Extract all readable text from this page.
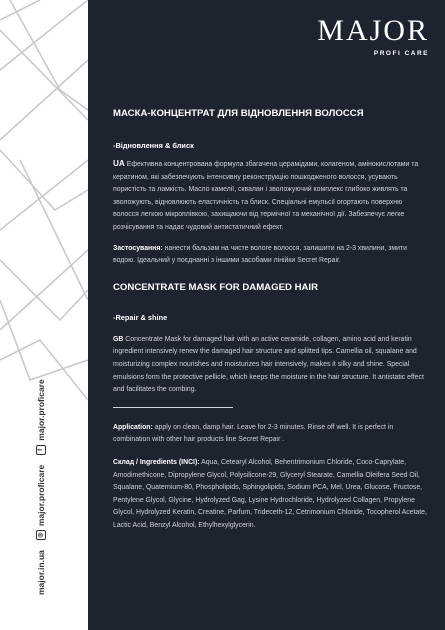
major.in.ua
◎
major.proficare
f
major.proficare
MAJOR
PROFI CARE
МАСКА-КОНЦЕНТРАТ ДЛЯ ВІДНОВЛЕННЯ ВОЛОССЯ
-Відновлення & блиск

UA Ефективна концентрована формула збагачена церамідами, колагеном, амінокислотами та кератином, які забезпечують інтенсивну реконструкцію пошкодженого волосся, усувають пористість та ламкість. Масло камелії, сквалан і зволожуючий комплекс глибоко живлять та зволожують, відновлюють еластичність та блиск. Спеціальні емульсії огортають поверхню волосся легкою мікроплівкою, захищаючи від термічної та механічної дії. Забезпечує легке розчісування та надає чудовий антистатичний ефект.

Застосування: нанести бальзам на чисте вологе волосся, залишити на 2-3 хвилини, змити водою. Ідеальний у поєднанні з іншими засобами лінійки Secret Repair.

CONCENTRATE MASK FOR DAMAGED HAIR
-Repair & shine

GB Concentrate Mask for damaged hair with an active ceramide, collagen, amino acid and keratin ingredient intensively renew the damaged hair structure and splitted tips. Camellia oil, squalane and moisturizing complex nourishes and moisturizes hair intensively, makes it silky and shine. Special emulsions form the protective pellicle, which keeps the moisture in the hair structure. It antistatic effect and facilitates the combing.

Application: apply on clean, damp hair. Leave for 2-3 minutes. Rinse off well. It is perfect in combination with other hair products line Secret Repair .

Склад / Ingredients (INCI): Aqua, Cetearyl Alcohol, Behentrimonium Chloride, Coco-Caprylate, Amodimethicone, Dipropylene Glycol, Polysilicone-29, Glyceryl Stearate, Camellia Oleifera Seed Oil, Squalane, Quaternium-80, Phospholipids, Sphingolipids, Sodium PCA, Mel, Urea, Glucose, Fructose, Pentylene Glycol, Glycine, Hydrolyzed Gag, Lysine Hydrochloride, Hydrolyzed Collagen, Propylene Glycol, Hydrolyzed Keratin, Creatine, Parfum, Trideceth-12, Cetrimonium Chloride, Tocopherol Acetate, Lactic Acid, Benzyl Alcohol, Ethylhexylglycerin.
